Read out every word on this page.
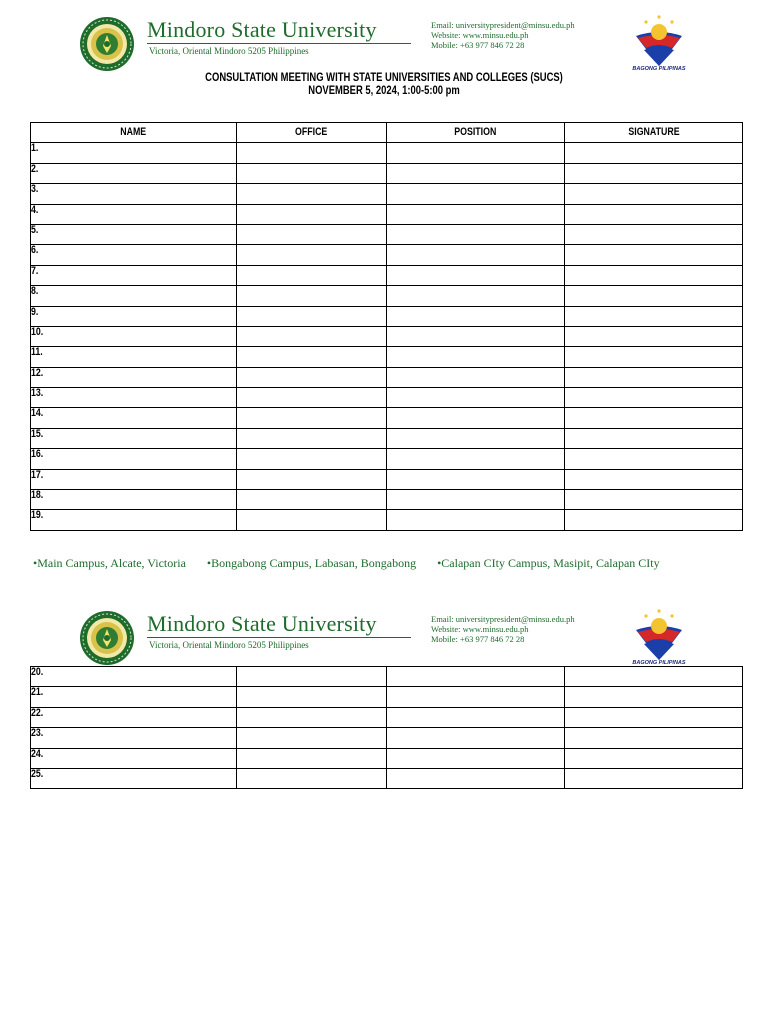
Mindoro State University
Victoria, Oriental Mindoro 5205 Philippines
Email: universitypresident@minsu.edu.ph
Website: www.minsu.edu.ph
Mobile: +63 977 846 72 28
BAGONG PILIPINAS
CONSULTATION MEETING WITH STATE UNIVERSITIES AND COLLEGES (SUCS)
NOVEMBER 5, 2024, 1:00-5:00 pm
NAME	OFFICE	POSITION	SIGNATURE
1.			
2.			
3.			
4.			
5.			
6.			
7.			
8.			
9.			
10.			
11.			
12.			
13.			
14.			
15.			
16.			
17.			
18.			
19.			
•Main Campus, Alcate, Victoria •Bongabong Campus, Labasan, Bongabong •Calapan CIty Campus, Masipit, Calapan CIty
Mindoro State University
Victoria, Oriental Mindoro 5205 Philippines
Email: universitypresident@minsu.edu.ph
Website: www.minsu.edu.ph
Mobile: +63 977 846 72 28
BAGONG PILIPINAS
20.			
21.			
22.			
23.			
24.			
25.			
